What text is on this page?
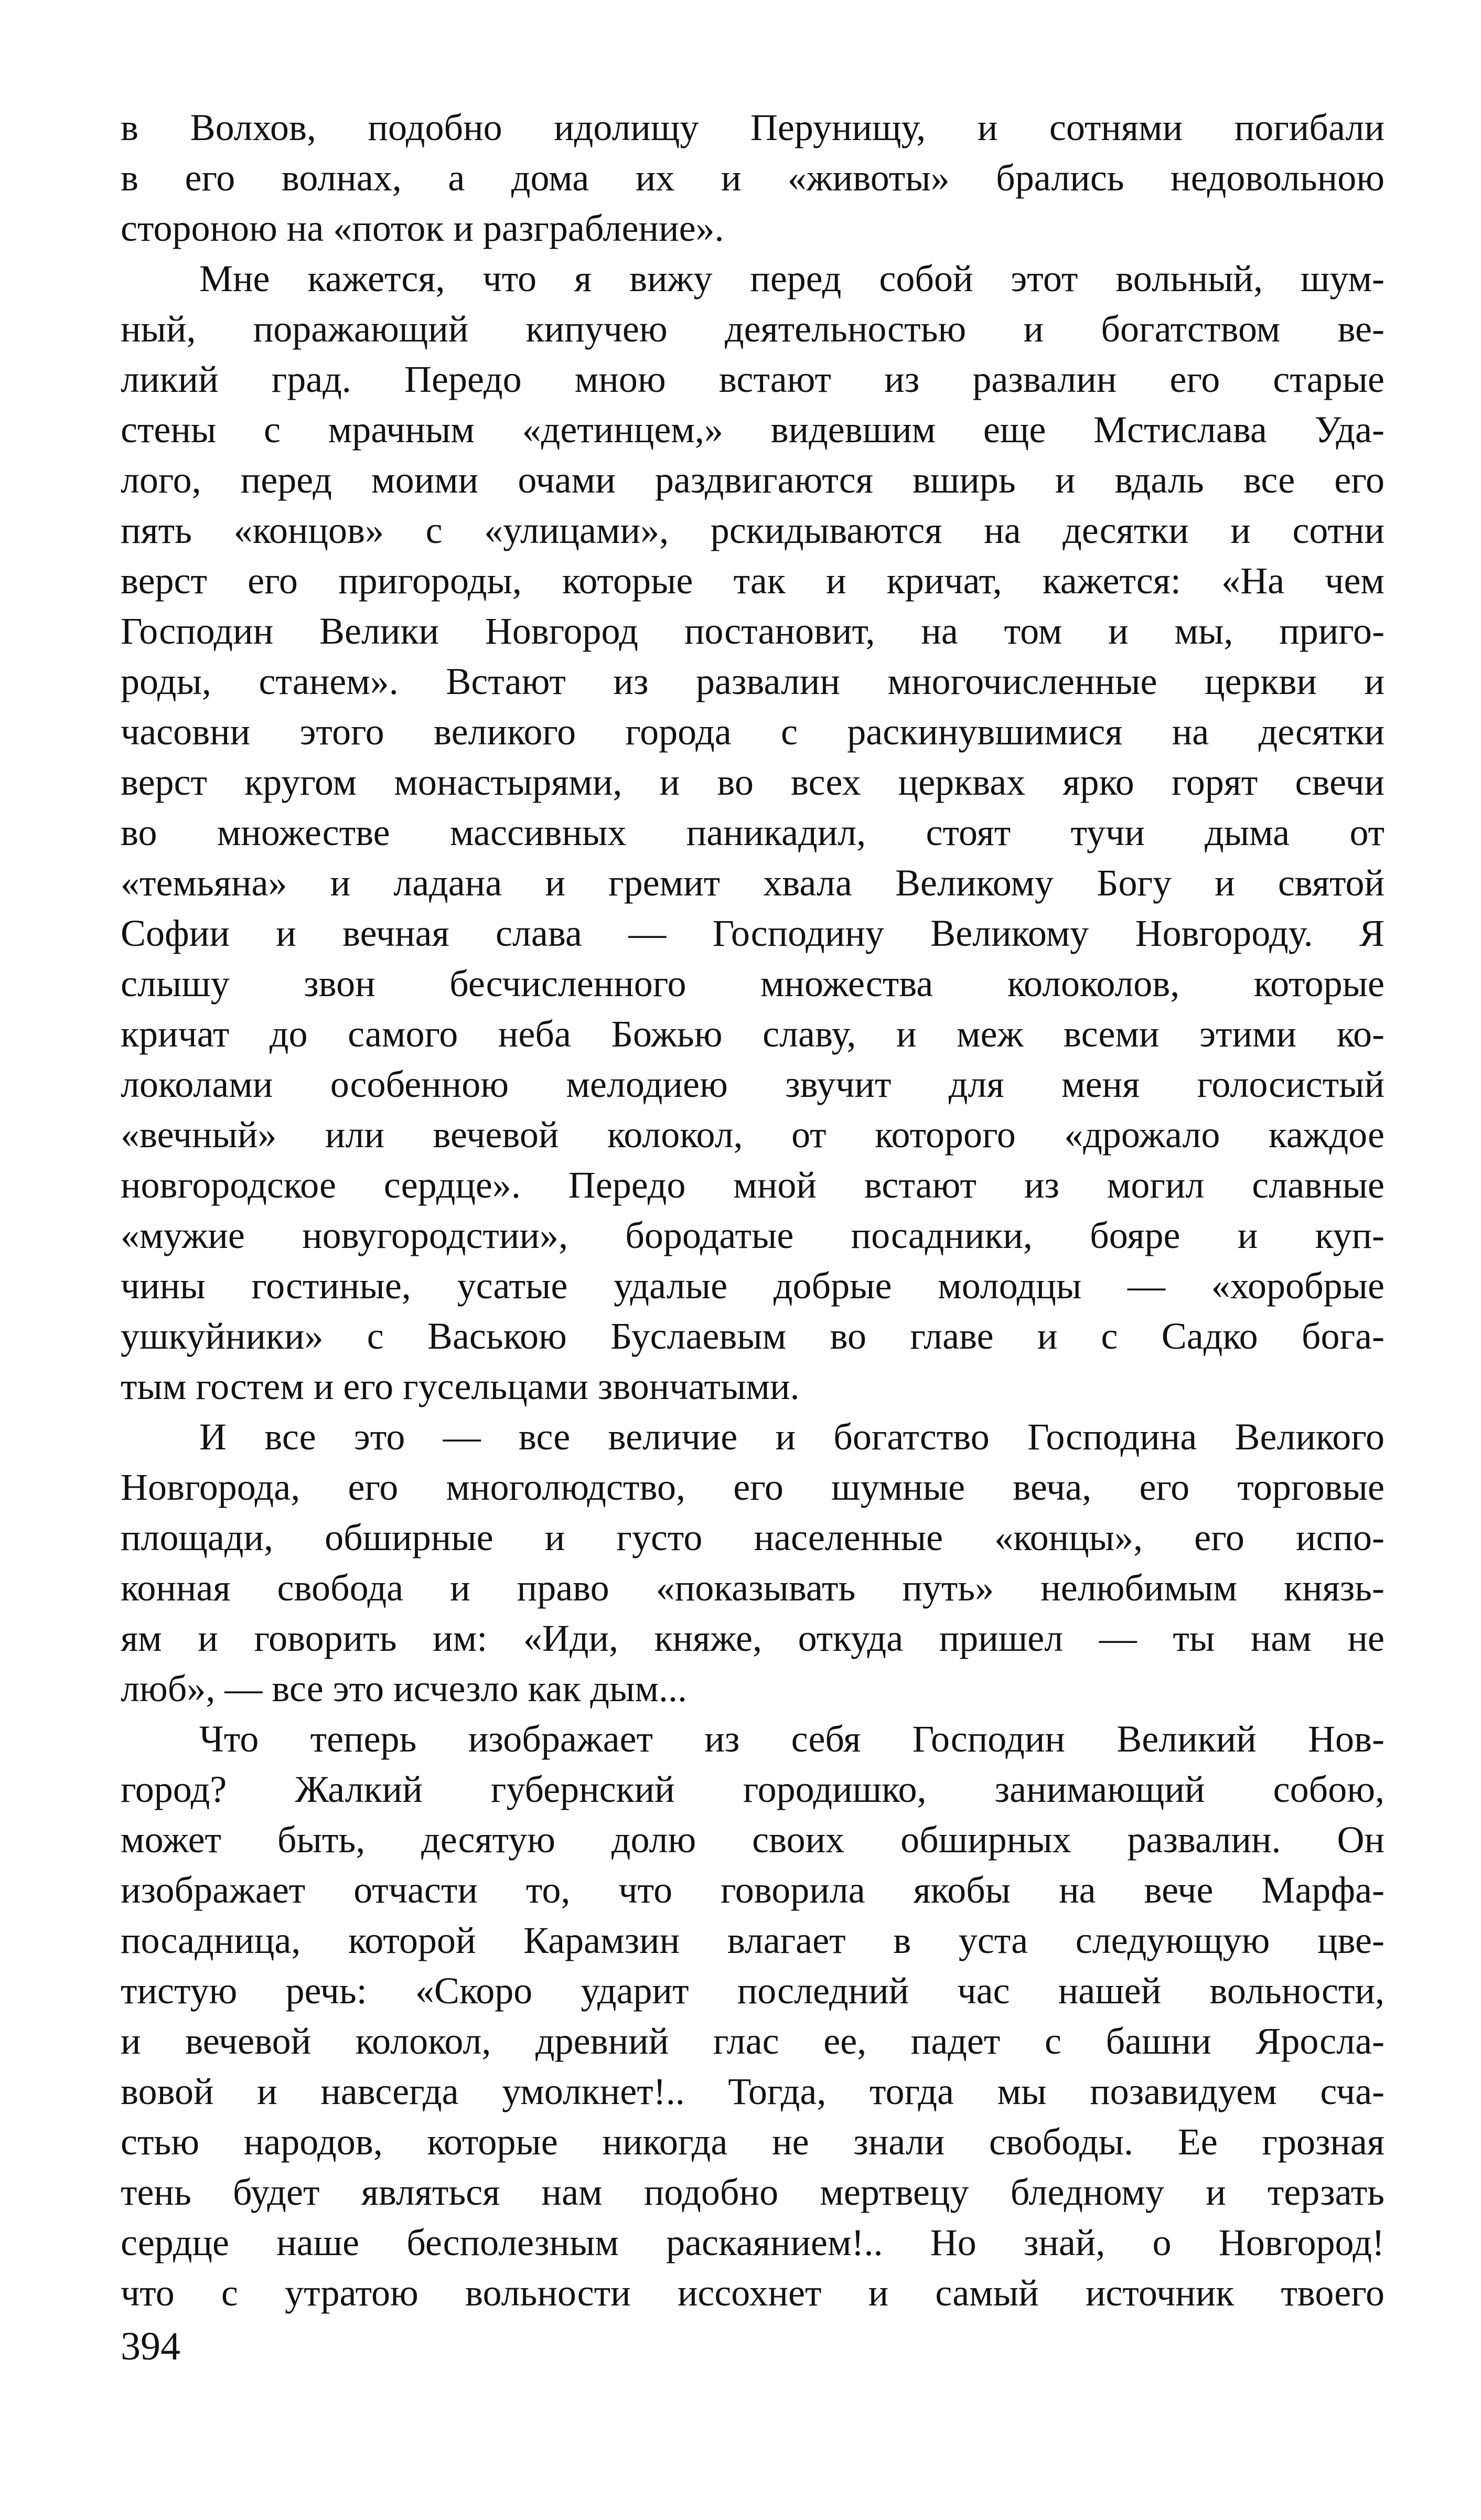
в Волхов, подобно идолищу Перунищу, и сотнями погибали
в его волнах, а дома их и «животы» брались недовольною
стороною на «поток и разграбление».
Мне кажется, что я вижу перед собой этот вольный, шум-
ный, поражающий кипучею деятельностью и богатством ве-
ликий град. Передо мною встают из развалин его старые
стены с мрачным «детинцем,» видевшим еще Мстислава Уда-
лого, перед моими очами раздвигаются вширь и вдаль все его
пять «концов» с «улицами», рскидываются на десятки и сотни
верст его пригороды, которые так и кричат, кажется: «На чем
Господин Велики Новгород постановит, на том и мы, приго-
роды, станем». Встают из развалин многочисленные церкви и
часовни этого великого города с раскинувшимися на десятки
верст кругом монастырями, и во всех церквах ярко горят свечи
во множестве массивных паникадил, стоят тучи дыма от
«темьяна» и ладана и гремит хвала Великому Богу и святой
Софии и вечная слава — Господину Великому Новгороду. Я
слышу звон бесчисленного множества колоколов, которые
кричат до самого неба Божью славу, и меж всеми этими ко-
локолами особенною мелодиею звучит для меня голосистый
«вечный» или вечевой колокол, от которого «дрожало каждое
новгородское сердце». Передо мной встают из могил славные
«мужие новугородстии», бородатые посадники, бояре и куп-
чины гостиные, усатые удалые добрые молодцы — «хоробрые
ушкуйники» с Ваською Буслаевым во главе и с Садко бога-
тым гостем и его гусельцами звончатыми.
И все это — все величие и богатство Господина Великого
Новгорода, его многолюдство, его шумные веча, его торговые
площади, обширные и густо населенные «концы», его испо-
конная свобода и право «показывать путь» нелюбимым князь-
ям и говорить им: «Иди, княже, откуда пришел — ты нам не
люб», — все это исчезло как дым...
Что теперь изображает из себя Господин Великий Нов-
город? Жалкий губернский городишко, занимающий собою,
может быть, десятую долю своих обширных развалин. Он
изображает отчасти то, что говорила якобы на вече Марфа-
посадница, которой Карамзин влагает в уста следующую цве-
тистую речь: «Скоро ударит последний час нашей вольности,
и вечевой колокол, древний глас ее, падет с башни Яросла-
вовой и навсегда умолкнет!.. Тогда, тогда мы позавидуем сча-
стью народов, которые никогда не знали свободы. Ее грозная
тень будет являться нам подобно мертвецу бледному и терзать
сердце наше бесполезным раскаянием!.. Но знай, о Новгород!
что с утратою вольности иссохнет и самый источник твоего
394
